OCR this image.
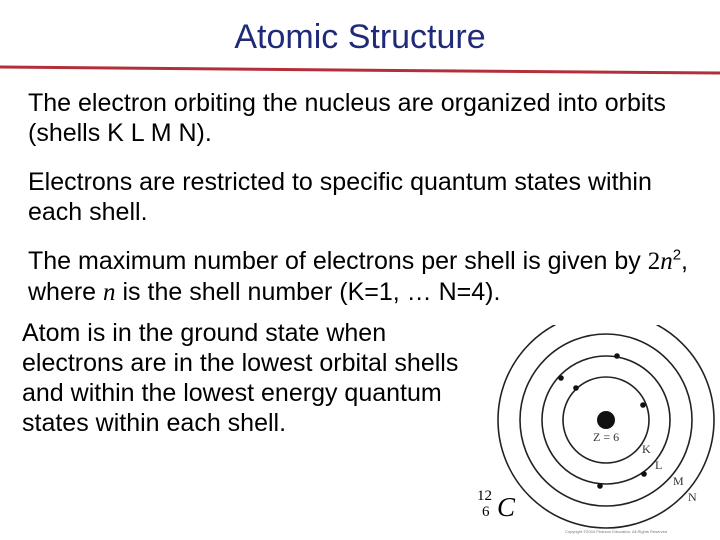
Atomic Structure
The electron orbiting the nucleus are organized into orbits (shells K L M N).
Electrons are restricted to specific quantum states within each shell.
The maximum number of electrons per shell is given by $2n^2$, where n is the shell number (K=1, … N=4).
Atom is in the ground state when electrons are in the lowest orbital shells and within the lowest energy quantum states within each shell.	Z = 6
K
L
M
N
Copyright ©2004 Pearson Education, All Rights Reserved
12
6 C
